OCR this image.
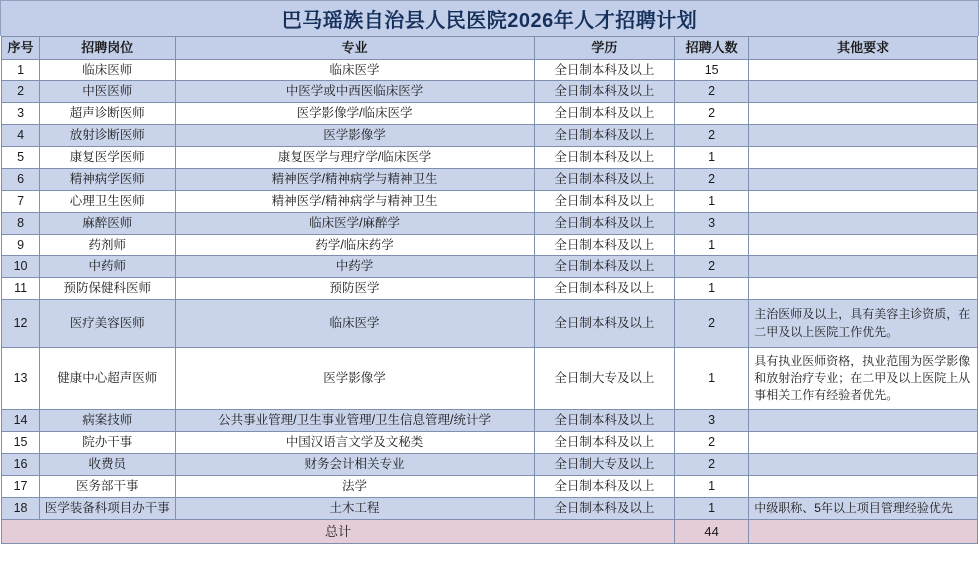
巴马瑶族自治县人民医院2026年人才招聘计划
序号	招聘岗位	专业	学历	招聘人数	其他要求
1	临床医师	临床医学	全日制本科及以上	15	
2	中医医师	中医学或中西医临床医学	全日制本科及以上	2	
3	超声诊断医师	医学影像学/临床医学	全日制本科及以上	2	
4	放射诊断医师	医学影像学	全日制本科及以上	2	
5	康复医学医师	康复医学与理疗学/临床医学	全日制本科及以上	1	
6	精神病学医师	精神医学/精神病学与精神卫生	全日制本科及以上	2	
7	心理卫生医师	精神医学/精神病学与精神卫生	全日制本科及以上	1	
8	麻醉医师	临床医学/麻醉学	全日制本科及以上	3	
9	药剂师	药学/临床药学	全日制本科及以上	1	
10	中药师	中药学	全日制本科及以上	2	
11	预防保健科医师	预防医学	全日制本科及以上	1	
12	医疗美容医师	临床医学	全日制本科及以上	2	主治医师及以上，具有美容主诊资质，在二甲及以上医院工作优先。
13	健康中心超声医师	医学影像学	全日制大专及以上	1	具有执业医师资格，执业范围为医学影像和放射治疗专业；在二甲及以上医院上从事相关工作有经验者优先。
14	病案技师	公共事业管理/卫生事业管理/卫生信息管理/统计学	全日制本科及以上	3	
15	院办干事	中国汉语言文学及文秘类	全日制本科及以上	2	
16	收费员	财务会计相关专业	全日制大专及以上	2	
17	医务部干事	法学	全日制本科及以上	1	
18	医学装备科项目办干事	土木工程	全日制本科及以上	1	中级职称、5年以上项目管理经验优先
总计				44	
